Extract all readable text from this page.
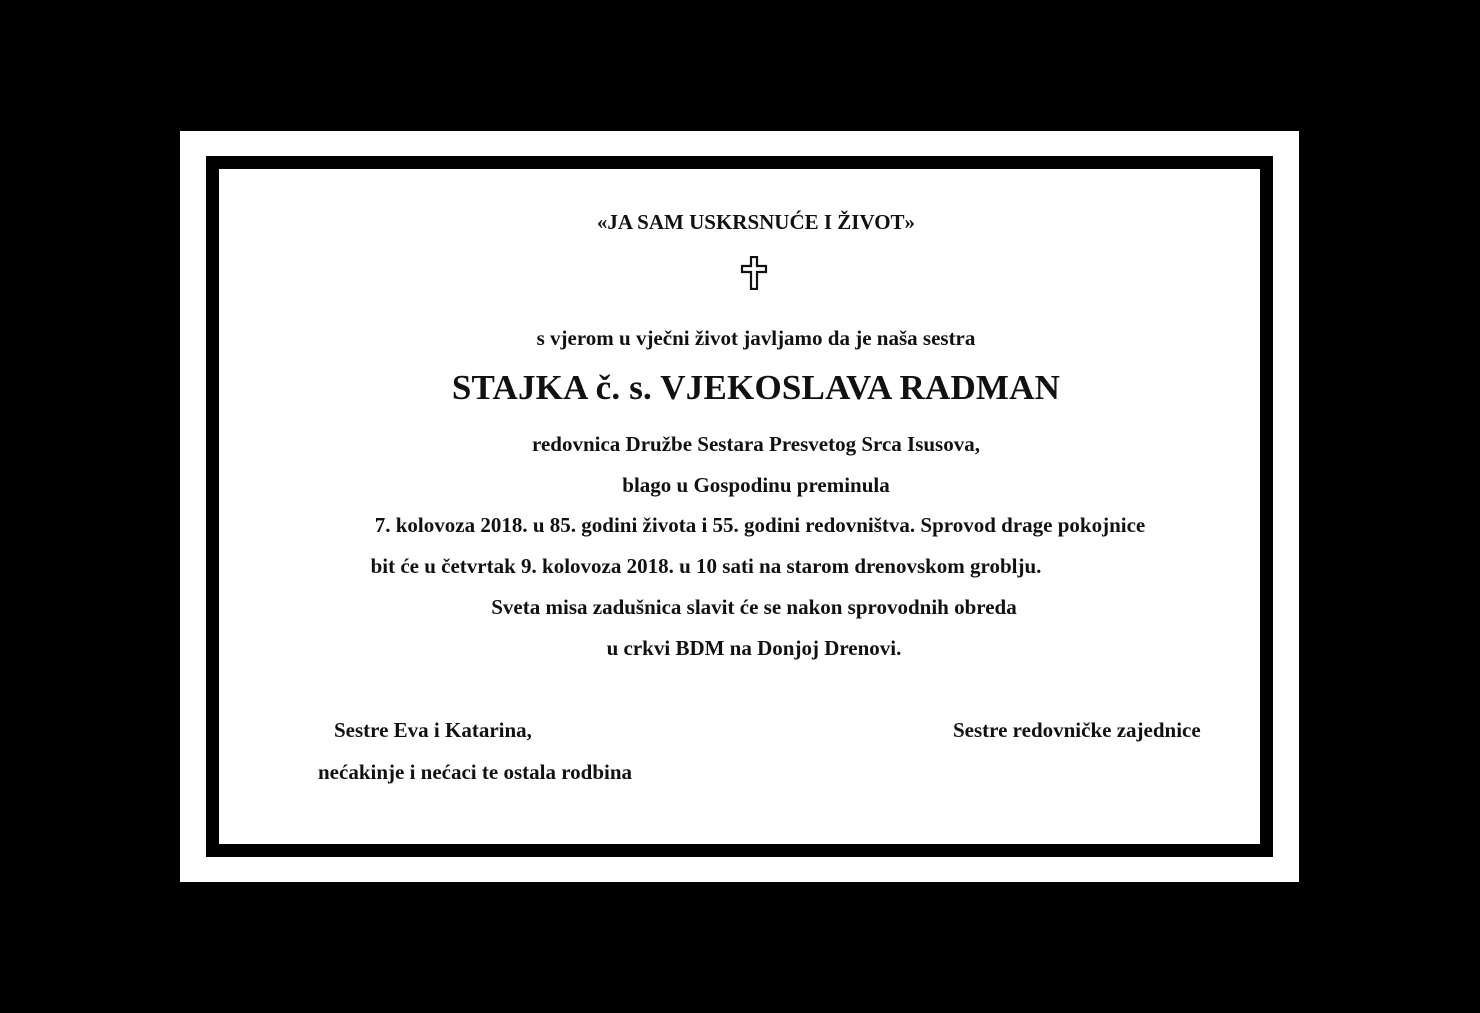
«JA SAM USKRSNUĆE I ŽIVOT»
s vjerom u vječni život javljamo da je naša sestra
STAJKA č. s. VJEKOSLAVA RADMAN
redovnica Družbe Sestara Presvetog Srca Isusova,
blago u Gospodinu preminula
7. kolovoza 2018. u 85. godini života i 55. godini redovništva. Sprovod drage pokojnice
bit će u četvrtak 9. kolovoza 2018. u 10 sati na starom drenovskom groblju.
Sveta misa zadušnica slavit će se nakon sprovodnih obreda
u crkvi BDM na Donjoj Drenovi.
Sestre Eva i Katarina,
nećakinje i nećaci te ostala rodbina
Sestre redovničke zajednice
